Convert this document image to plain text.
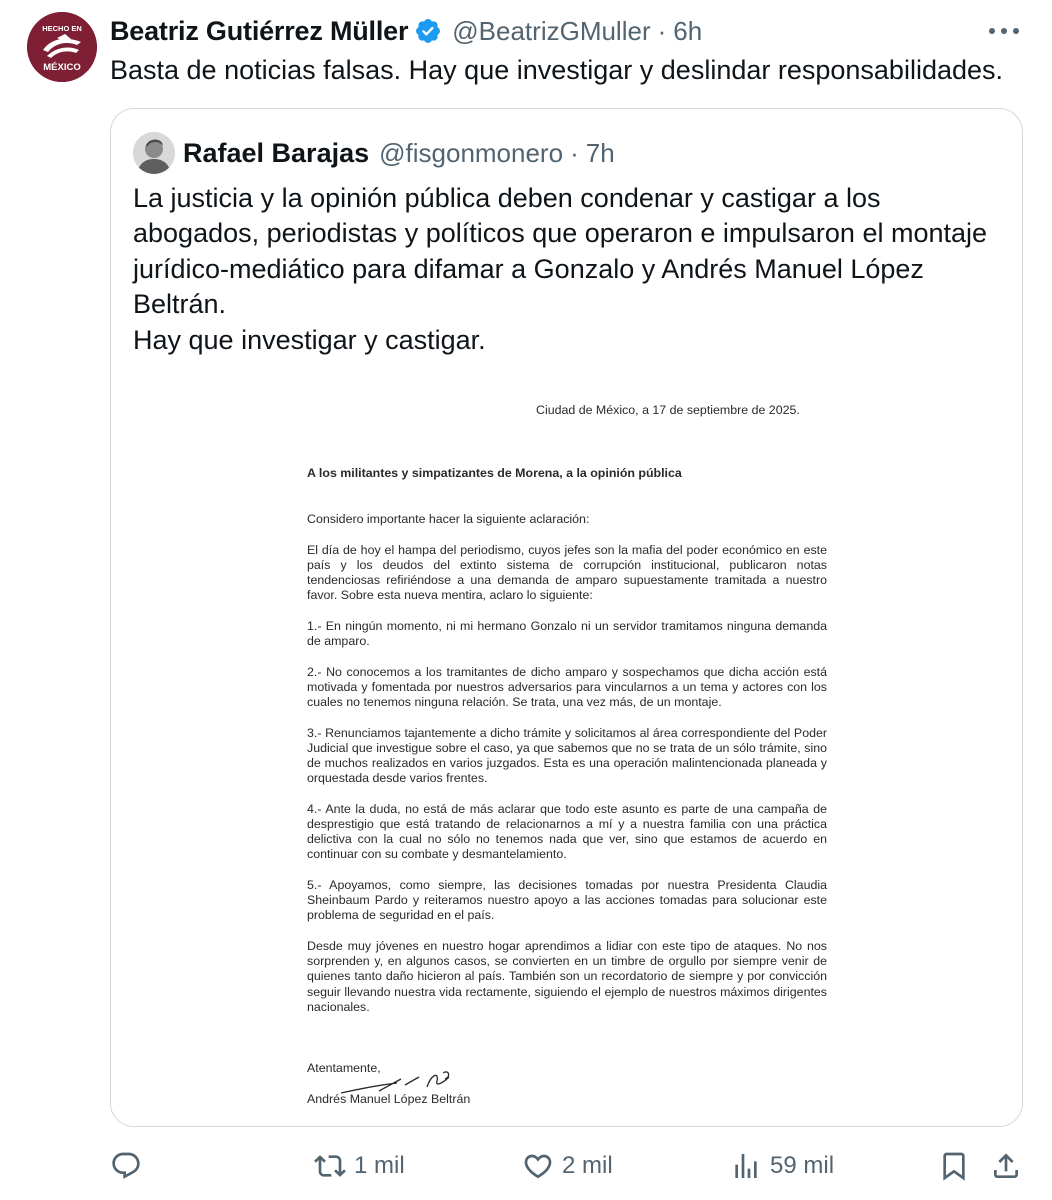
HECHO EN
MÉXICO
Beatriz Gutiérrez Müller @BeatrizGMuller · 6h
Basta de noticias falsas. Hay que investigar y deslindar responsabilidades.
Rafael Barajas @fisgonmonero · 7h

La justicia y la opinión pública deben condenar y castigar a los

abogados, periodistas y políticos que operaron e impulsaron el montaje

jurídico-mediático para difamar a Gonzalo y Andrés Manuel López

Beltrán.

Hay que investigar y castigar.

Ciudad de México, a 17 de septiembre de 2025.
A los militantes y simpatizantes de Morena, a la opinión pública

Considero importante hacer la siguiente aclaración:

El día de hoy el hampa del periodismo, cuyos jefes son la mafia del poder económico en este país y los deudos del extinto sistema de corrupción institucional, publicaron notas tendenciosas refiriéndose a una demanda de amparo supuestamente tramitada a nuestro favor. Sobre esta nueva mentira, aclaro lo siguiente:

1.- En ningún momento, ni mi hermano Gonzalo ni un servidor tramitamos ninguna demanda de amparo.

2.- No conocemos a los tramitantes de dicho amparo y sospechamos que dicha acción está motivada y fomentada por nuestros adversarios para vincularnos a un tema y actores con los cuales no tenemos ninguna relación. Se trata, una vez más, de un montaje.

3.- Renunciamos tajantemente a dicho trámite y solicitamos al área correspondiente del Poder Judicial que investigue sobre el caso, ya que sabemos que no se trata de un sólo trámite, sino de muchos realizados en varios juzgados. Esta es una operación malintencionada planeada y orquestada desde varios frentes.

4.- Ante la duda, no está de más aclarar que todo este asunto es parte de una campaña de desprestigio que está tratando de relacionarnos a mí y a nuestra familia con una práctica delictiva con la cual no sólo no tenemos nada que ver, sino que estamos de acuerdo en continuar con su combate y desmantelamiento.

5.- Apoyamos, como siempre, las decisiones tomadas por nuestra Presidenta Claudia Sheinbaum Pardo y reiteramos nuestro apoyo a las acciones tomadas para solucionar este problema de seguridad en el país.

Desde muy jóvenes en nuestro hogar aprendimos a lidiar con este tipo de ataques. No nos sorprenden y, en algunos casos, se convierten en un timbre de orgullo por siempre venir de quienes tanto daño hicieron al país. También son un recordatorio de siempre y por convicción seguir llevando nuestra vida rectamente, siguiendo el ejemplo de nuestros máximos dirigentes nacionales.

Atentamente,
Andrés Manuel López Beltrán
1 mil	2 mil	59 mil
